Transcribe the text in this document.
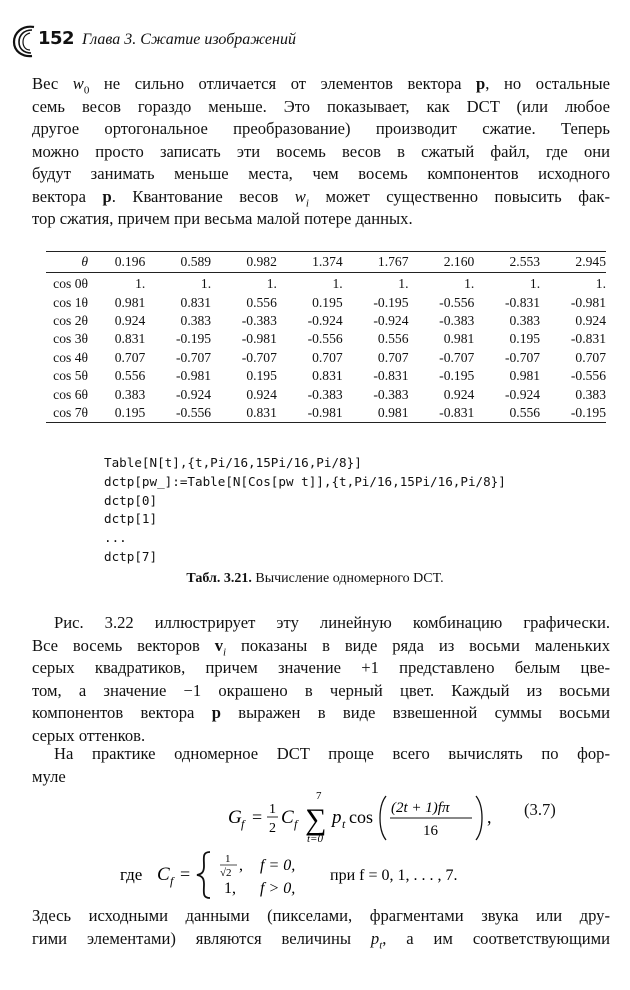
152 Глава 3. Сжатие изображений
Вес $w_0$ не сильно отличается от элементов вектора p, но остальные
семь весов гораздо меньше. Это показывает, как DCT (или любое
другое ортогональное преобразование) производит сжатие. Теперь
можно просто записать эти восемь весов в сжатый файл, где они
будут занимать меньше места, чем восемь компонентов исходного
вектора p. Квантование весов $w_i$ может существенно повысить фак-
тор сжатия, причем при весьма малой потере данных.
θ	0.196	0.589	0.982	1.374	1.767	2.160	2.553	2.945
cos 0θ	1.	1.	1.	1.	1.	1.	1.	1.
cos 1θ	0.981	0.831	0.556	0.195	-0.195	-0.556	-0.831	-0.981
cos 2θ	0.924	0.383	-0.383	-0.924	-0.924	-0.383	0.383	0.924
cos 3θ	0.831	-0.195	-0.981	-0.556	0.556	0.981	0.195	-0.831
cos 4θ	0.707	-0.707	-0.707	0.707	0.707	-0.707	-0.707	0.707
cos 5θ	0.556	-0.981	0.195	0.831	-0.831	-0.195	0.981	-0.556
cos 6θ	0.383	-0.924	0.924	-0.383	-0.383	0.924	-0.924	0.383
cos 7θ	0.195	-0.556	0.831	-0.981	0.981	-0.831	0.556	-0.195
Table[N[t],{t,Pi/16,15Pi/16,Pi/8}]
dctp[pw_]:=Table[N[Cos[pw t]],{t,Pi/16,15Pi/16,Pi/8}]
dctp[0]
dctp[1]
...
dctp[7]
Табл. 3.21. Вычисление одномерного DCT.
Рис. 3.22 иллюстрирует эту линейную комбинацию графически.
Все восемь векторов $v_i$ показаны в виде ряда из восьми маленьких
серых квадратиков, причем значение +1 представлено белым цве-
том, а значение −1 окрашено в черный цвет. Каждый из восьми
компонентов вектора p выражен в виде взвешенной суммы восьми
серых оттенков.
На практике одномерное DCT проще всего вычислять по фор-
муле
G f = 1
2
C f
7
∑
t=0
p t cos (2t + 1)fπ
16
, (3.7)
где C f =
1
√2 , f = 0,
1, f > 0,
при f = 0, 1, . . . , 7.
Здесь исходными данными (пикселами, фрагментами звука или дру-
гими элементами) являются величины $p_t$, а им соответствующими
